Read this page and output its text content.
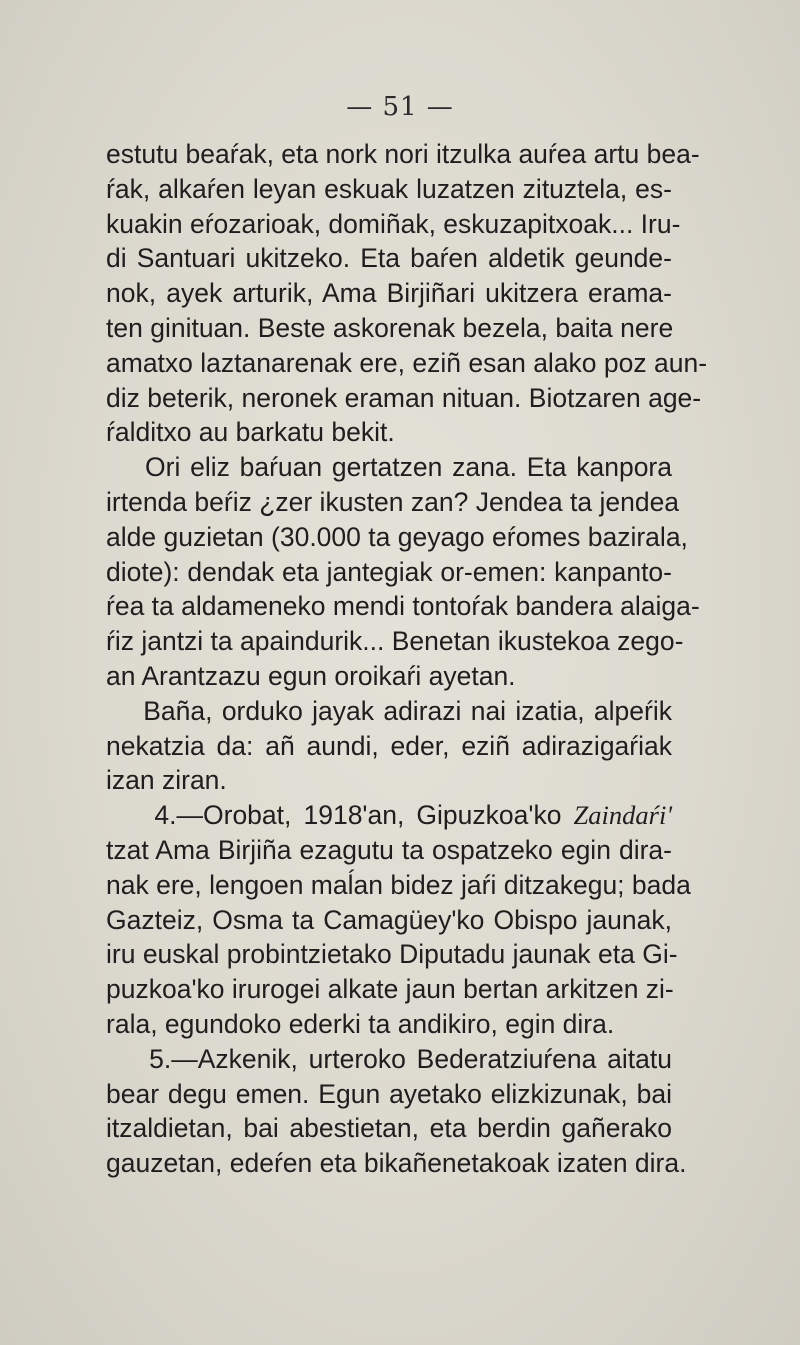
— 51 —
estutu beaŕak, eta nork nori itzulka auŕea artu bea-
ŕak, alkaŕen leyan eskuak luzatzen zituztela, es-
kuakin eŕozarioak, domiñak, eskuzapitxoak... Iru-
di Santuari ukitzeko. Eta baŕen aldetik geunde-
nok, ayek arturik, Ama Birjiñari ukitzera erama-
ten ginituan. Beste askorenak bezela, baita nere
amatxo laztanarenak ere, eziñ esan alako poz aun-
diz beterik, neronek eraman nituan. Biotzaren age-
ŕalditxo au barkatu bekit.
Ori eliz baŕuan gertatzen zana. Eta kanpora
irtenda beŕiz ¿zer ikusten zan? Jendea ta jendea
alde guzietan (30.000 ta geyago eŕomes bazirala,
diote): dendak eta jantegiak or-emen: kanpanto-
ŕea ta aldameneko mendi tontoŕak bandera alaiga-
ŕiz jantzi ta apaindurik... Benetan ikustekoa zego-
an Arantzazu egun oroikaŕi ayetan.
Baña, orduko jayak adirazi nai izatia, alpeŕik
nekatzia da: añ aundi, eder, eziñ adirazigaŕiak
izan ziran.
4.—Orobat, 1918'an, Gipuzkoa'ko Zaindaŕi'
tzat Ama Birjiña ezagutu ta ospatzeko egin dira-
nak ere, lengoen maĺan bidez jaŕi ditzakegu; bada
Gazteiz, Osma ta Camagüey'ko Obispo jaunak,
iru euskal probintzietako Diputadu jaunak eta Gi-
puzkoa'ko irurogei alkate jaun bertan arkitzen zi-
rala, egundoko ederki ta andikiro, egin dira.
5.—Azkenik, urteroko Bederatziuŕena aitatu
bear degu emen. Egun ayetako elizkizunak, bai
itzaldietan, bai abestietan, eta berdin gañerako
gauzetan, edeŕen eta bikañenetakoak izaten dira.
